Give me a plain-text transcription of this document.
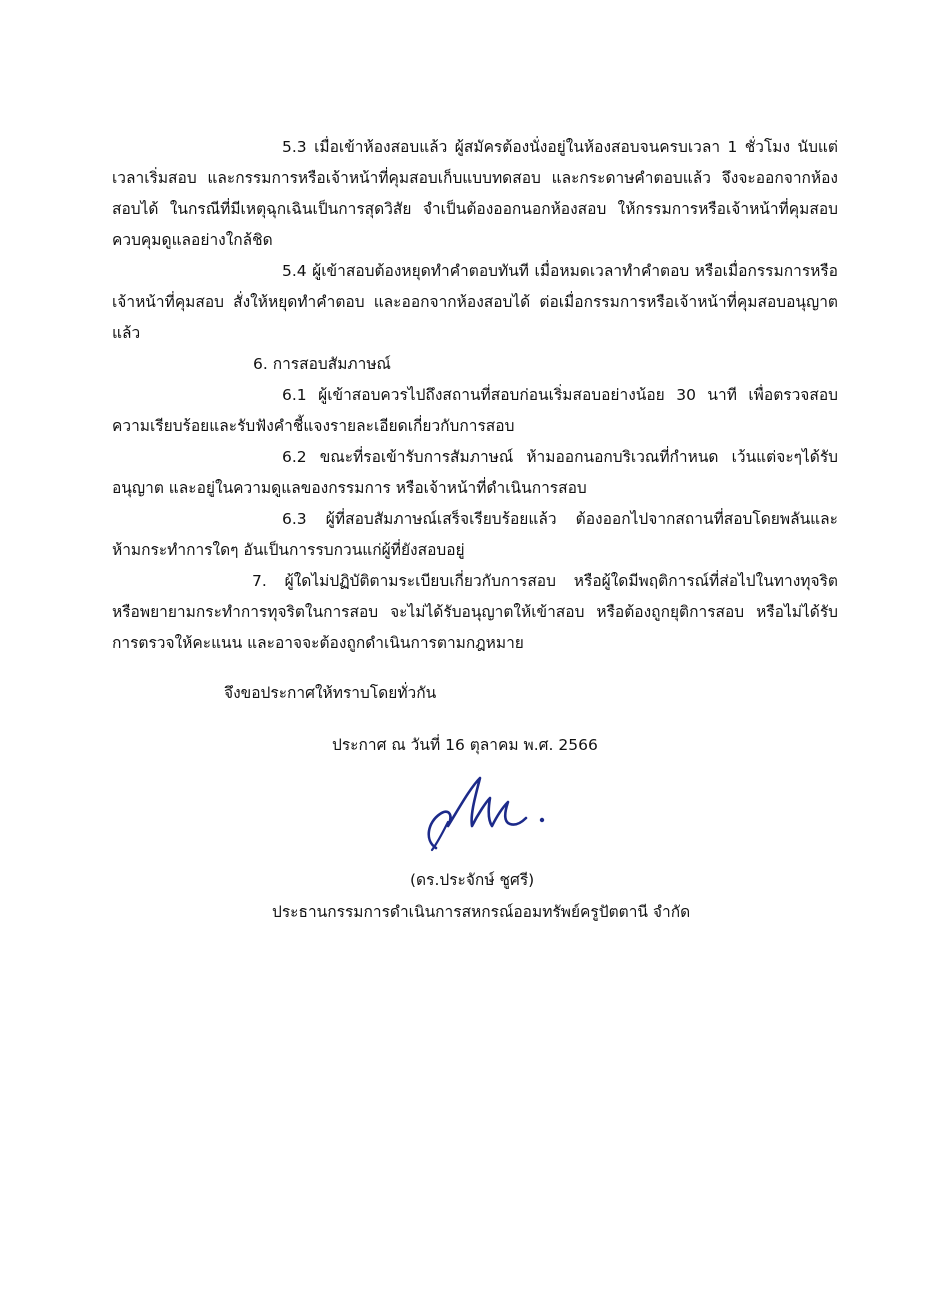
5.3 เมื่อเข้าห้องสอบแล้ว ผู้สมัครต้องนั่งอยู่ในห้องสอบจนครบเวลา 1 ชั่วโมง นับแต่เวลาเริ่มสอบ และกรรมการหรือเจ้าหน้าที่คุมสอบเก็บแบบทดสอบ และกระดาษคำตอบแล้ว จึงจะออกจากห้องสอบได้ ในกรณีที่มีเหตุฉุกเฉินเป็นการสุดวิสัย จำเป็นต้องออกนอกห้องสอบ ให้กรรมการหรือเจ้าหน้าที่คุมสอบ ควบคุมดูแลอย่างใกล้ชิด

5.4 ผู้เข้าสอบต้องหยุดทำคำตอบทันที เมื่อหมดเวลาทำคำตอบ หรือเมื่อกรรมการหรือเจ้าหน้าที่คุมสอบ สั่งให้หยุดทำคำตอบ และออกจากห้องสอบได้ ต่อเมื่อกรรมการหรือเจ้าหน้าที่คุมสอบอนุญาตแล้ว

6. การสอบสัมภาษณ์

6.1 ผู้เข้าสอบควรไปถึงสถานที่สอบก่อนเริ่มสอบอย่างน้อย 30 นาที เพื่อตรวจสอบความเรียบร้อยและรับฟังคำชี้แจงรายละเอียดเกี่ยวกับการสอบ

6.2 ขณะที่รอเข้ารับการสัมภาษณ์ ห้ามออกนอกบริเวณที่กำหนด เว้นแต่จะๆได้รับอนุญาต และอยู่ในความดูแลของกรรมการ หรือเจ้าหน้าที่ดำเนินการสอบ

6.3 ผู้ที่สอบสัมภาษณ์เสร็จเรียบร้อยแล้ว ต้องออกไปจากสถานที่สอบโดยพลันและห้ามกระทำการใดๆ อันเป็นการรบกวนแก่ผู้ที่ยังสอบอยู่

7. ผู้ใดไม่ปฏิบัติตามระเบียบเกี่ยวกับการสอบ หรือผู้ใดมีพฤติการณ์ที่ส่อไปในทางทุจริตหรือพยายามกระทำการทุจริตในการสอบ จะไม่ได้รับอนุญาตให้เข้าสอบ หรือต้องถูกยุติการสอบ หรือไม่ได้รับการตรวจให้คะแนน และอาจจะต้องถูกดำเนินการตามกฎหมาย

จึงขอประกาศให้ทราบโดยทั่วกัน

ประกาศ ณ วันที่ 16 ตุลาคม พ.ศ. 2566

(ดร.ประจักษ์ ชูศรี)

ประธานกรรมการดำเนินการสหกรณ์ออมทรัพย์ครูปัตตานี จำกัด
